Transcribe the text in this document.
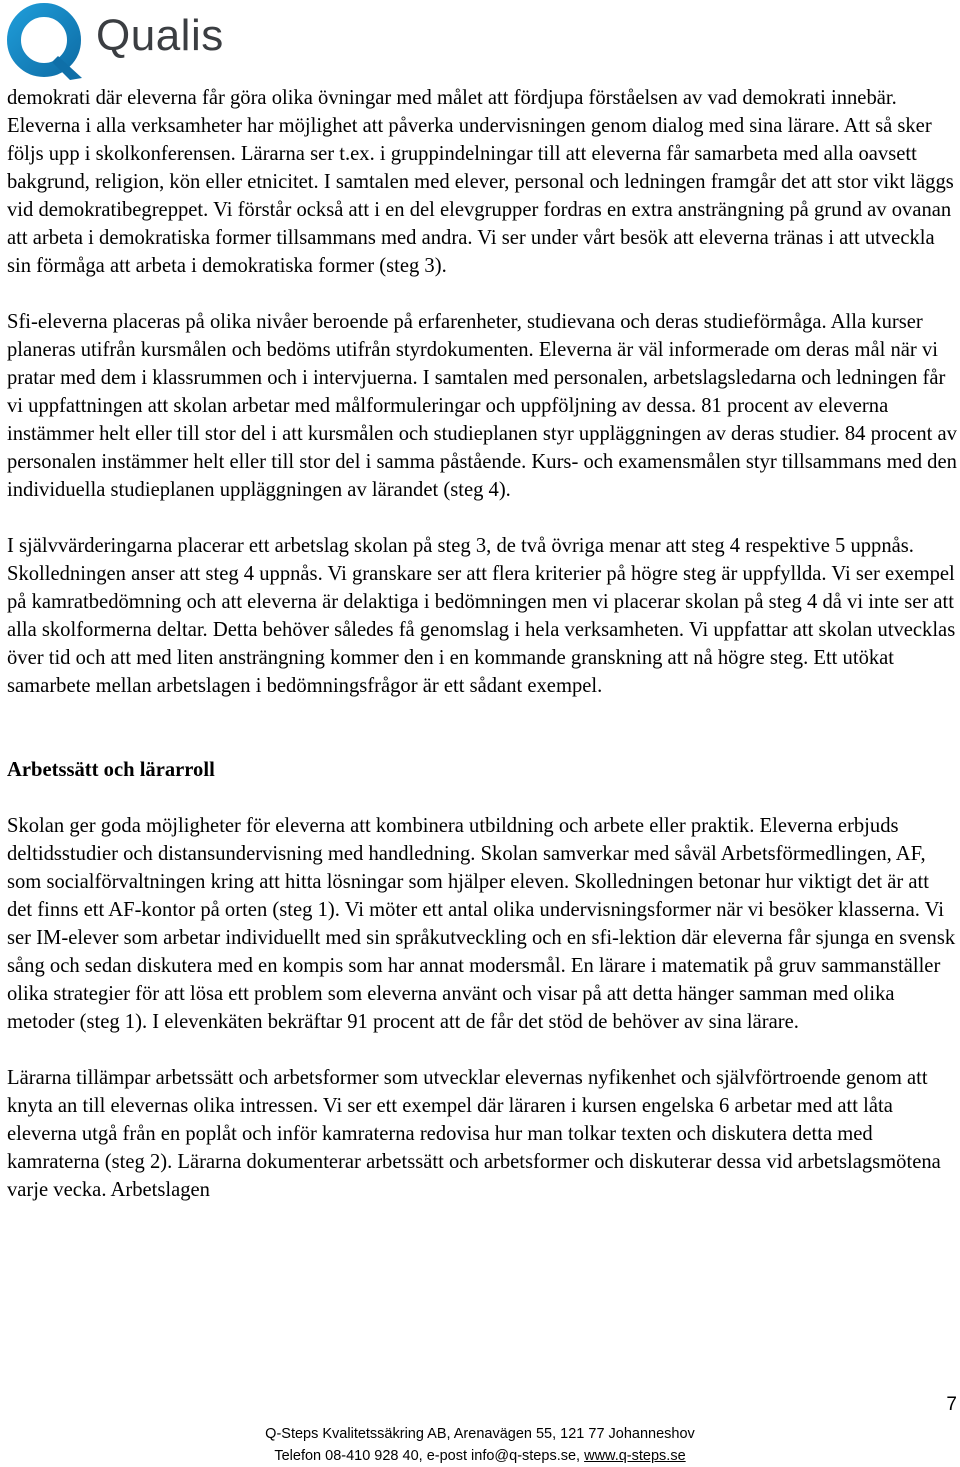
Qualis

demokrati där eleverna får göra olika övningar med målet att fördjupa förståelsen av vad demokrati innebär. Eleverna i alla verksamheter har möjlighet att påverka undervisningen genom dialog med sina lärare. Att så sker följs upp i skolkonferensen. Lärarna ser t.ex. i gruppindelningar till att eleverna får samarbeta med alla oavsett bakgrund, religion, kön eller etnicitet. I samtalen med elever, personal och ledningen framgår det att stor vikt läggs vid demokratibegreppet. Vi förstår också att i en del elevgrupper fordras en extra ansträngning på grund av ovanan att arbeta i demokratiska former tillsammans med andra. Vi ser under vårt besök att eleverna tränas i att utveckla sin förmåga att arbeta i demokratiska former (steg 3).

Sfi-eleverna placeras på olika nivåer beroende på erfarenheter, studievana och deras studieförmåga. Alla kurser planeras utifrån kursmålen och bedöms utifrån styrdokumenten. Eleverna är väl informerade om deras mål när vi pratar med dem i klassrummen och i intervjuerna. I samtalen med personalen, arbetslagsledarna och ledningen får vi uppfattningen att skolan arbetar med målformuleringar och uppföljning av dessa. 81 procent av eleverna instämmer helt eller till stor del i att kursmålen och studieplanen styr uppläggningen av deras studier. 84 procent av personalen instämmer helt eller till stor del i samma påstående. Kurs- och examensmålen styr tillsammans med den individuella studieplanen uppläggningen av lärandet (steg 4).

I självvärderingarna placerar ett arbetslag skolan på steg 3, de två övriga menar att steg 4 respektive 5 uppnås. Skolledningen anser att steg 4 uppnås. Vi granskare ser att flera kriterier på högre steg är uppfyllda. Vi ser exempel på kamratbedömning och att eleverna är delaktiga i bedömningen men vi placerar skolan på steg 4 då vi inte ser att alla skolformerna deltar. Detta behöver således få genomslag i hela verksamheten. Vi uppfattar att skolan utvecklas över tid och att med liten ansträngning kommer den i en kommande granskning att nå högre steg. Ett utökat samarbete mellan arbetslagen i bedömningsfrågor är ett sådant exempel.

Arbetssätt och lärarroll

Skolan ger goda möjligheter för eleverna att kombinera utbildning och arbete eller praktik. Eleverna erbjuds deltidsstudier och distansundervisning med handledning. Skolan samverkar med såväl Arbetsförmedlingen, AF, som socialförvaltningen kring att hitta lösningar som hjälper eleven. Skolledningen betonar hur viktigt det är att det finns ett AF-kontor på orten (steg 1). Vi möter ett antal olika undervisningsformer när vi besöker klasserna. Vi ser IM-elever som arbetar individuellt med sin språkutveckling och en sfi-lektion där eleverna får sjunga en svensk sång och sedan diskutera med en kompis som har annat modersmål. En lärare i matematik på gruv sammanställer olika strategier för att lösa ett problem som eleverna använt och visar på att detta hänger samman med olika metoder (steg 1). I elevenkäten bekräftar 91 procent att de får det stöd de behöver av sina lärare.

Lärarna tillämpar arbetssätt och arbetsformer som utvecklar elevernas nyfikenhet och självförtroende genom att knyta an till elevernas olika intressen. Vi ser ett exempel där läraren i kursen engelska 6 arbetar med att låta eleverna utgå från en poplåt och inför kamraterna redovisa hur man tolkar texten och diskutera detta med kamraterna (steg 2). Lärarna dokumenterar arbetssätt och arbetsformer och diskuterar dessa vid arbetslagsmötena varje vecka. Arbetslagen

7
Q-Steps Kvalitetssäkring AB, Arenavägen 55, 121 77 Johanneshov
Telefon 08-410 928 40, e-post info@q-steps.se, www.q-steps.se
